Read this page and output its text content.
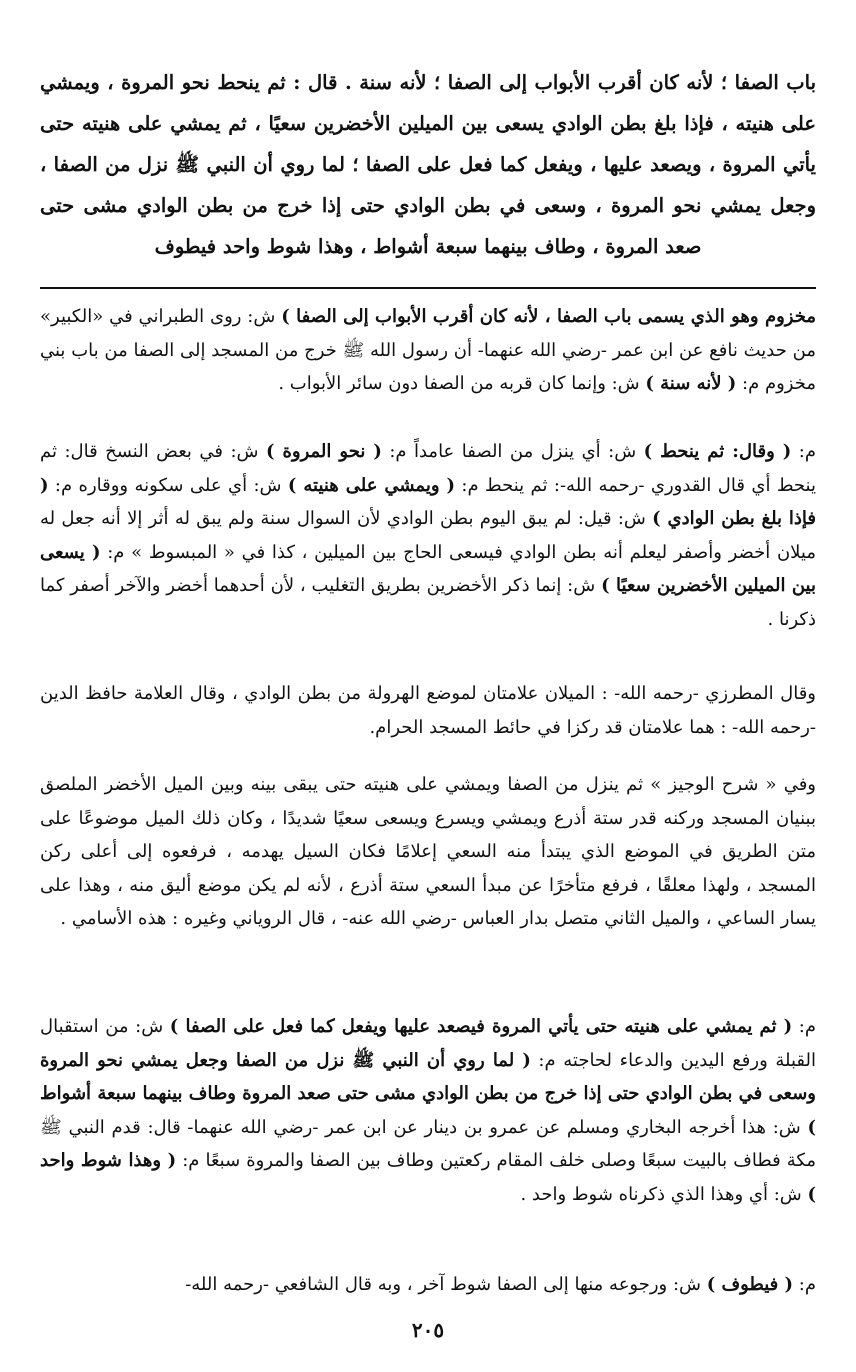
باب الصفا ؛ لأنه كان أقرب الأبواب إلى الصفا ؛ لأنه سنة . قال : ثم ينحط نحو المروة ، ويمشي على هنيته ، فإذا بلغ بطن الوادي يسعى بين الميلين الأخضرين سعيًا ، ثم يمشي على هنيته حتى يأتي المروة ، ويصعد عليها ، ويفعل كما فعل على الصفا ؛ لما روي أن النبي ﷺ نزل من الصفا ، وجعل يمشي نحو المروة ، وسعى في بطن الوادي حتى إذا خرج من بطن الوادي مشى حتى صعد المروة ، وطاف بينهما سبعة أشواط ، وهذا شوط واحد فيطوف
مخزوم وهو الذي يسمى باب الصفا ، لأنه كان أقرب الأبواب إلى الصفا ) ش: روى الطبراني في «الكبير» من حديث نافع عن ابن عمر -رضي الله عنهما- أن رسول الله ﷺ خرج من المسجد إلى الصفا من باب بني مخزوم م: ( لأنه سنة ) ش: وإنما كان قربه من الصفا دون سائر الأبواب .
م: ( وقال: ثم ينحط ) ش: أي ينزل من الصفا عامداً م: ( نحو المروة ) ش: في بعض النسخ قال: ثم ينحط أي قال القدوري -رحمه الله-: ثم ينحط م: ( ويمشي على هنيته ) ش: أي على سكونه ووقاره م: ( فإذا بلغ بطن الوادي ) ش: قيل: لم يبق اليوم بطن الوادي لأن السوال سنة ولم يبق له أثر إلا أنه جعل له ميلان أخضر وأصفر ليعلم أنه بطن الوادي فيسعى الحاج بين الميلين ، كذا في « المبسوط » م: ( يسعى بين الميلين الأخضرين سعيًا ) ش: إنما ذكر الأخضرين بطريق التغليب ، لأن أحدهما أخضر والآخر أصفر كما ذكرنا .
وقال المطرزي -رحمه الله- : الميلان علامتان لموضع الهرولة من بطن الوادي ، وقال العلامة حافظ الدين -رحمه الله- : هما علامتان قد ركزا في حائط المسجد الحرام.
وفي « شرح الوجيز » ثم ينزل من الصفا ويمشي على هنيته حتى يبقى بينه وبين الميل الأخضر الملصق ببنيان المسجد وركنه قدر ستة أذرع ويمشي ويسرع ويسعى سعيًا شديدًا ، وكان ذلك الميل موضوعًا على متن الطريق في الموضع الذي يبتدأ منه السعي إعلامًا فكان السيل يهدمه ، فرفعوه إلى أعلى ركن المسجد ، ولهذا معلقًا ، فرفع متأخرًا عن مبدأ السعي ستة أذرع ، لأنه لم يكن موضع أليق منه ، وهذا على يسار الساعي ، والميل الثاني متصل بدار العباس -رضي الله عنه- ، قال الروياني وغيره : هذه الأسامي .
م: ( ثم يمشي على هنيته حتى يأتي المروة فيصعد عليها ويفعل كما فعل على الصفا ) ش: من استقبال القبلة ورفع اليدين والدعاء لحاجته م: ( لما روي أن النبي ﷺ نزل من الصفا وجعل يمشي نحو المروة وسعى في بطن الوادي حتى إذا خرج من بطن الوادي مشى حتى صعد المروة وطاف بينهما سبعة أشواط ) ش: هذا أخرجه البخاري ومسلم عن عمرو بن دينار عن ابن عمر -رضي الله عنهما- قال: قدم النبي ﷺ مكة فطاف بالبيت سبعًا وصلى خلف المقام ركعتين وطاف بين الصفا والمروة سبعًا م: ( وهذا شوط واحد ) ش: أي وهذا الذي ذكرناه شوط واحد .
م: ( فيطوف ) ش: ورجوعه منها إلى الصفا شوط آخر ، وبه قال الشافعي -رحمه الله-
٢٠٥
